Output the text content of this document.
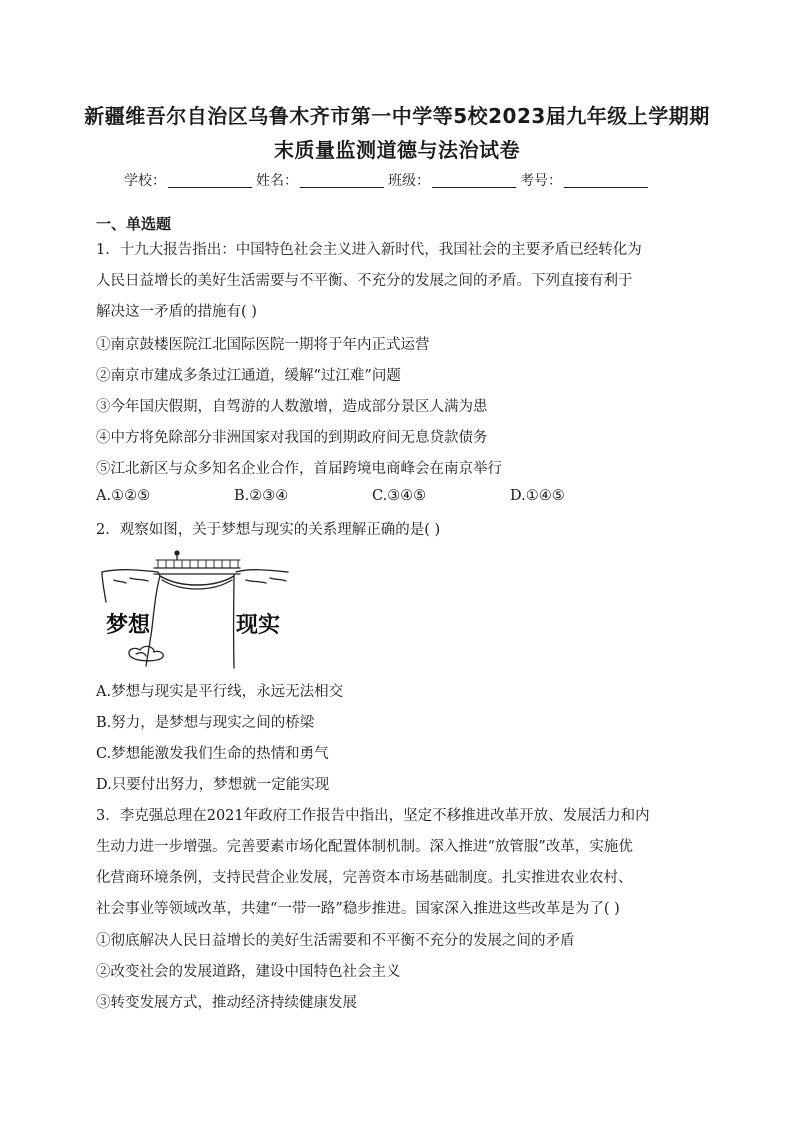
新疆维吾尔自治区乌鲁木齐市第一中学等5校2023届九年级上学期期
末质量监测道德与法治试卷
学校：	姓名：	班级：	考号：
一、单选题
1．十九大报告指出：中国特色社会主义进入新时代，我国社会的主要矛盾已经转化为
人民日益增长的美好生活需要与不平衡、不充分的发展之间的矛盾。下列直接有利于
解决这一矛盾的措施有( )
①南京鼓楼医院江北国际医院一期将于年内正式运营
②南京市建成多条过江通道，缓解“过江难”问题
③今年国庆假期，自驾游的人数激增，造成部分景区人满为患
④中方将免除部分非洲国家对我国的到期政府间无息贷款债务
⑤江北新区与众多知名企业合作，首届跨境电商峰会在南京举行
A.①②⑤	B.②③④	C.③④⑤	D.①④⑤
2．观察如图，关于梦想与现实的关系理解正确的是( )
梦想	现实
A.梦想与现实是平行线，永远无法相交
B.努力，是梦想与现实之间的桥梁
C.梦想能激发我们生命的热情和勇气
D.只要付出努力，梦想就一定能实现
3．李克强总理在2021年政府工作报告中指出，坚定不移推进改革开放、发展活力和内
生动力进一步增强。完善要素市场化配置体制机制。深入推进“放管服”改革，实施优
化营商环境条例，支持民营企业发展，完善资本市场基础制度。扎实推进农业农村、
社会事业等领域改革，共建“一带一路”稳步推进。国家深入推进这些改革是为了( )
①彻底解决人民日益增长的美好生活需要和不平衡不充分的发展之间的矛盾
②改变社会的发展道路，建设中国特色社会主义
③转变发展方式，推动经济持续健康发展
